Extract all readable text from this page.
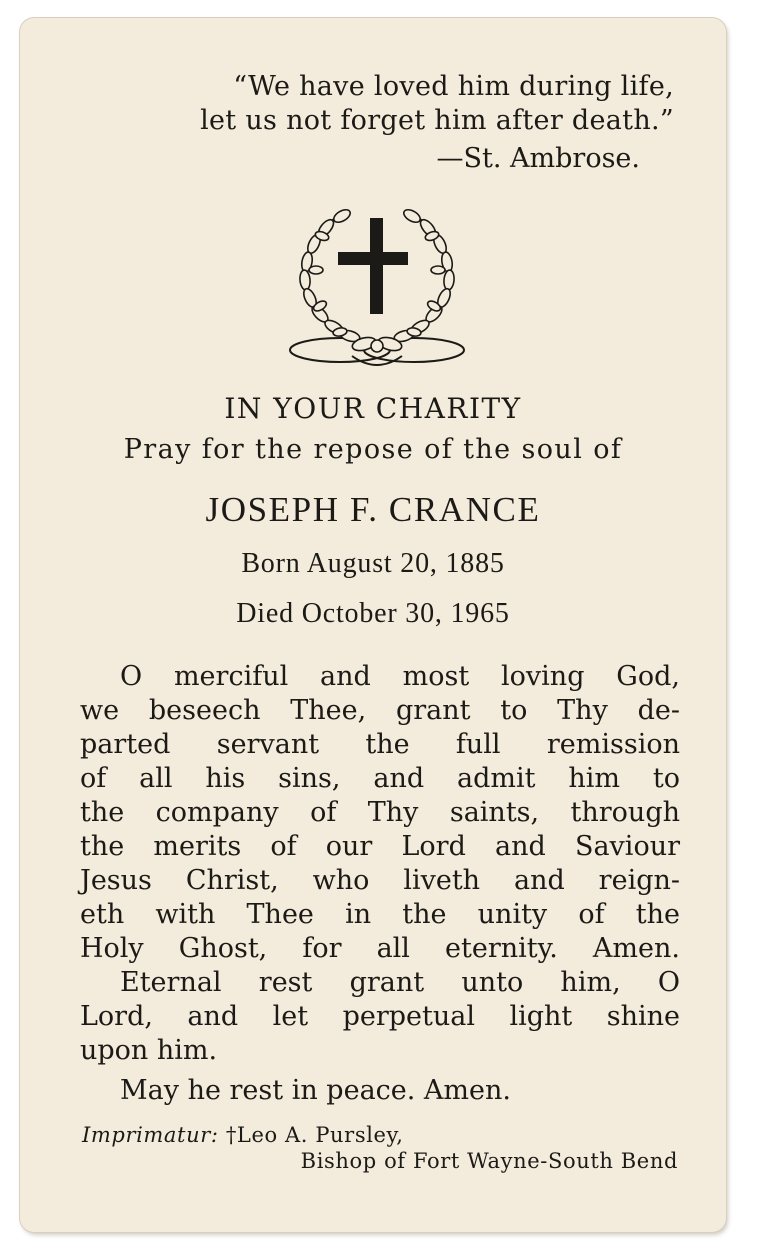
“We have loved him during life,
let us not forget him after death.”
—St. Ambrose.
IN YOUR CHARITY
Pray for the repose of the soul of
JOSEPH F. CRANCE
Born August 20, 1885
Died October 30, 1965
O merciful and most loving God,
we beseech Thee, grant to Thy de-
parted servant the full remission
of all his sins, and admit him to
the company of Thy saints, through
the merits of our Lord and Saviour
Jesus Christ, who liveth and reign-
eth with Thee in the unity of the
Holy Ghost, for all eternity. Amen.
Eternal rest grant unto him, O
Lord, and let perpetual light shine
upon him.
May he rest in peace. Amen.
Imprimatur: †Leo A. Pursley,
Bishop of Fort Wayne-South Bend
